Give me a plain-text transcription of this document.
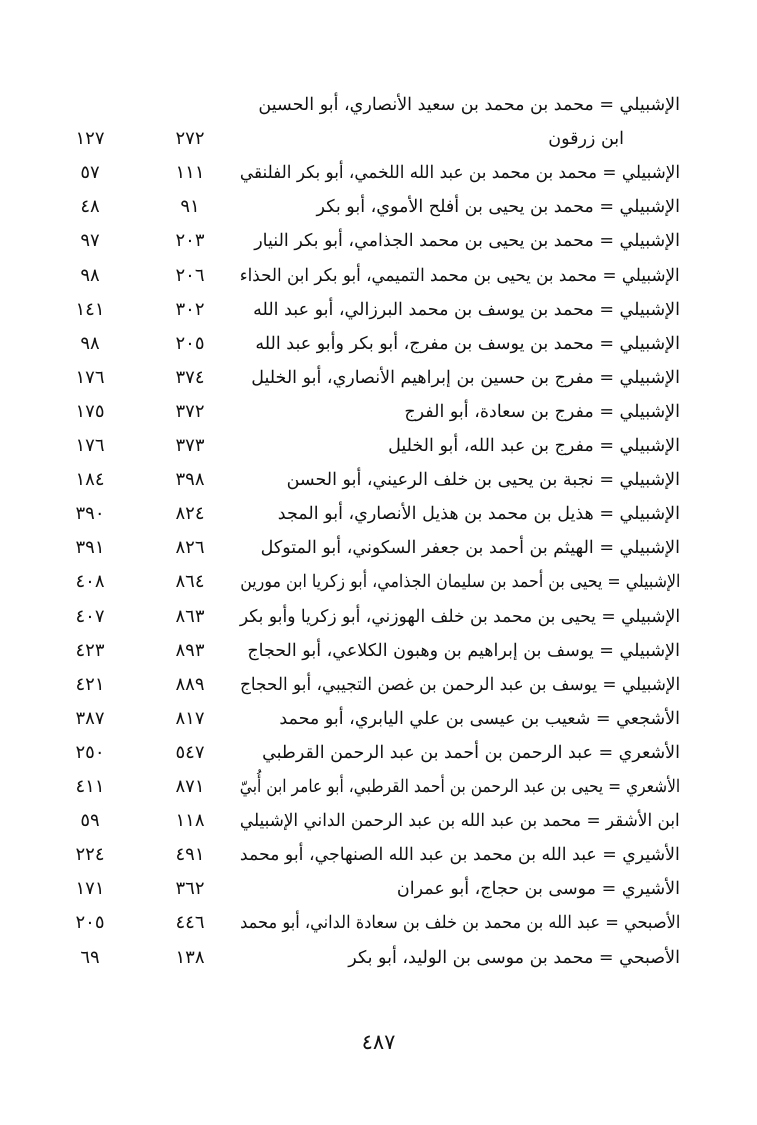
الإشبيلي = محمد بن محمد بن سعيد الأنصاري، أبو الحسين
ابن زرقون
٢٧٢
١٢٧
الإشبيلي = محمد بن محمد بن عبد الله اللخمي، أبو بكر الفلنقي
١١١
٥٧
الإشبيلي = محمد بن يحيى بن أفلح الأموي، أبو بكر
٩١
٤٨
الإشبيلي = محمد بن يحيى بن محمد الجذامي، أبو بكر النيار
٢٠٣
٩٧
الإشبيلي = محمد بن يحيى بن محمد التميمي، أبو بكر ابن الحذاء
٢٠٦
٩٨
الإشبيلي = محمد بن يوسف بن محمد البرزالي، أبو عبد الله
٣٠٢
١٤١
الإشبيلي = محمد بن يوسف بن مفرج، أبو بكر وأبو عبد الله
٢٠٥
٩٨
الإشبيلي = مفرج بن حسين بن إبراهيم الأنصاري، أبو الخليل
٣٧٤
١٧٦
الإشبيلي = مفرج بن سعادة، أبو الفرج
٣٧٢
١٧٥
الإشبيلي = مفرج بن عبد الله، أبو الخليل
٣٧٣
١٧٦
الإشبيلي = نجبة بن يحيى بن خلف الرعيني، أبو الحسن
٣٩٨
١٨٤
الإشبيلي = هذيل بن محمد بن هذيل الأنصاري، أبو المجد
٨٢٤
٣٩٠
الإشبيلي = الهيثم بن أحمد بن جعفر السكوني، أبو المتوكل
٨٢٦
٣٩١
الإشبيلي = يحيى بن أحمد بن سليمان الجذامي، أبو زكريا ابن مورين
٨٦٤
٤٠٨
الإشبيلي = يحيى بن محمد بن خلف الهوزني، أبو زكريا وأبو بكر
٨٦٣
٤٠٧
الإشبيلي = يوسف بن إبراهيم بن وهبون الكلاعي، أبو الحجاج
٨٩٣
٤٢٣
الإشبيلي = يوسف بن عبد الرحمن بن غصن التجيبي، أبو الحجاج
٨٨٩
٤٢١
الأشجعي = شعيب بن عيسى بن علي اليابري، أبو محمد
٨١٧
٣٨٧
الأشعري = عبد الرحمن بن أحمد بن عبد الرحمن القرطبي
٥٤٧
٢٥٠
الأشعري = يحيى بن عبد الرحمن بن أحمد القرطبي، أبو عامر ابن أُبيّ
٨٧١
٤١١
ابن الأشقر = محمد بن عبد الله بن عبد الرحمن الداني الإشبيلي
١١٨
٥٩
الأشيري = عبد الله بن محمد بن عبد الله الصنهاجي، أبو محمد
٤٩١
٢٢٤
الأشيري = موسى بن حجاج، أبو عمران
٣٦٢
١٧١
الأصبحي = عبد الله بن محمد بن خلف بن سعادة الداني، أبو محمد
٤٤٦
٢٠٥
الأصبحي = محمد بن موسى بن الوليد، أبو بكر
١٣٨
٦٩
٤٨٧
